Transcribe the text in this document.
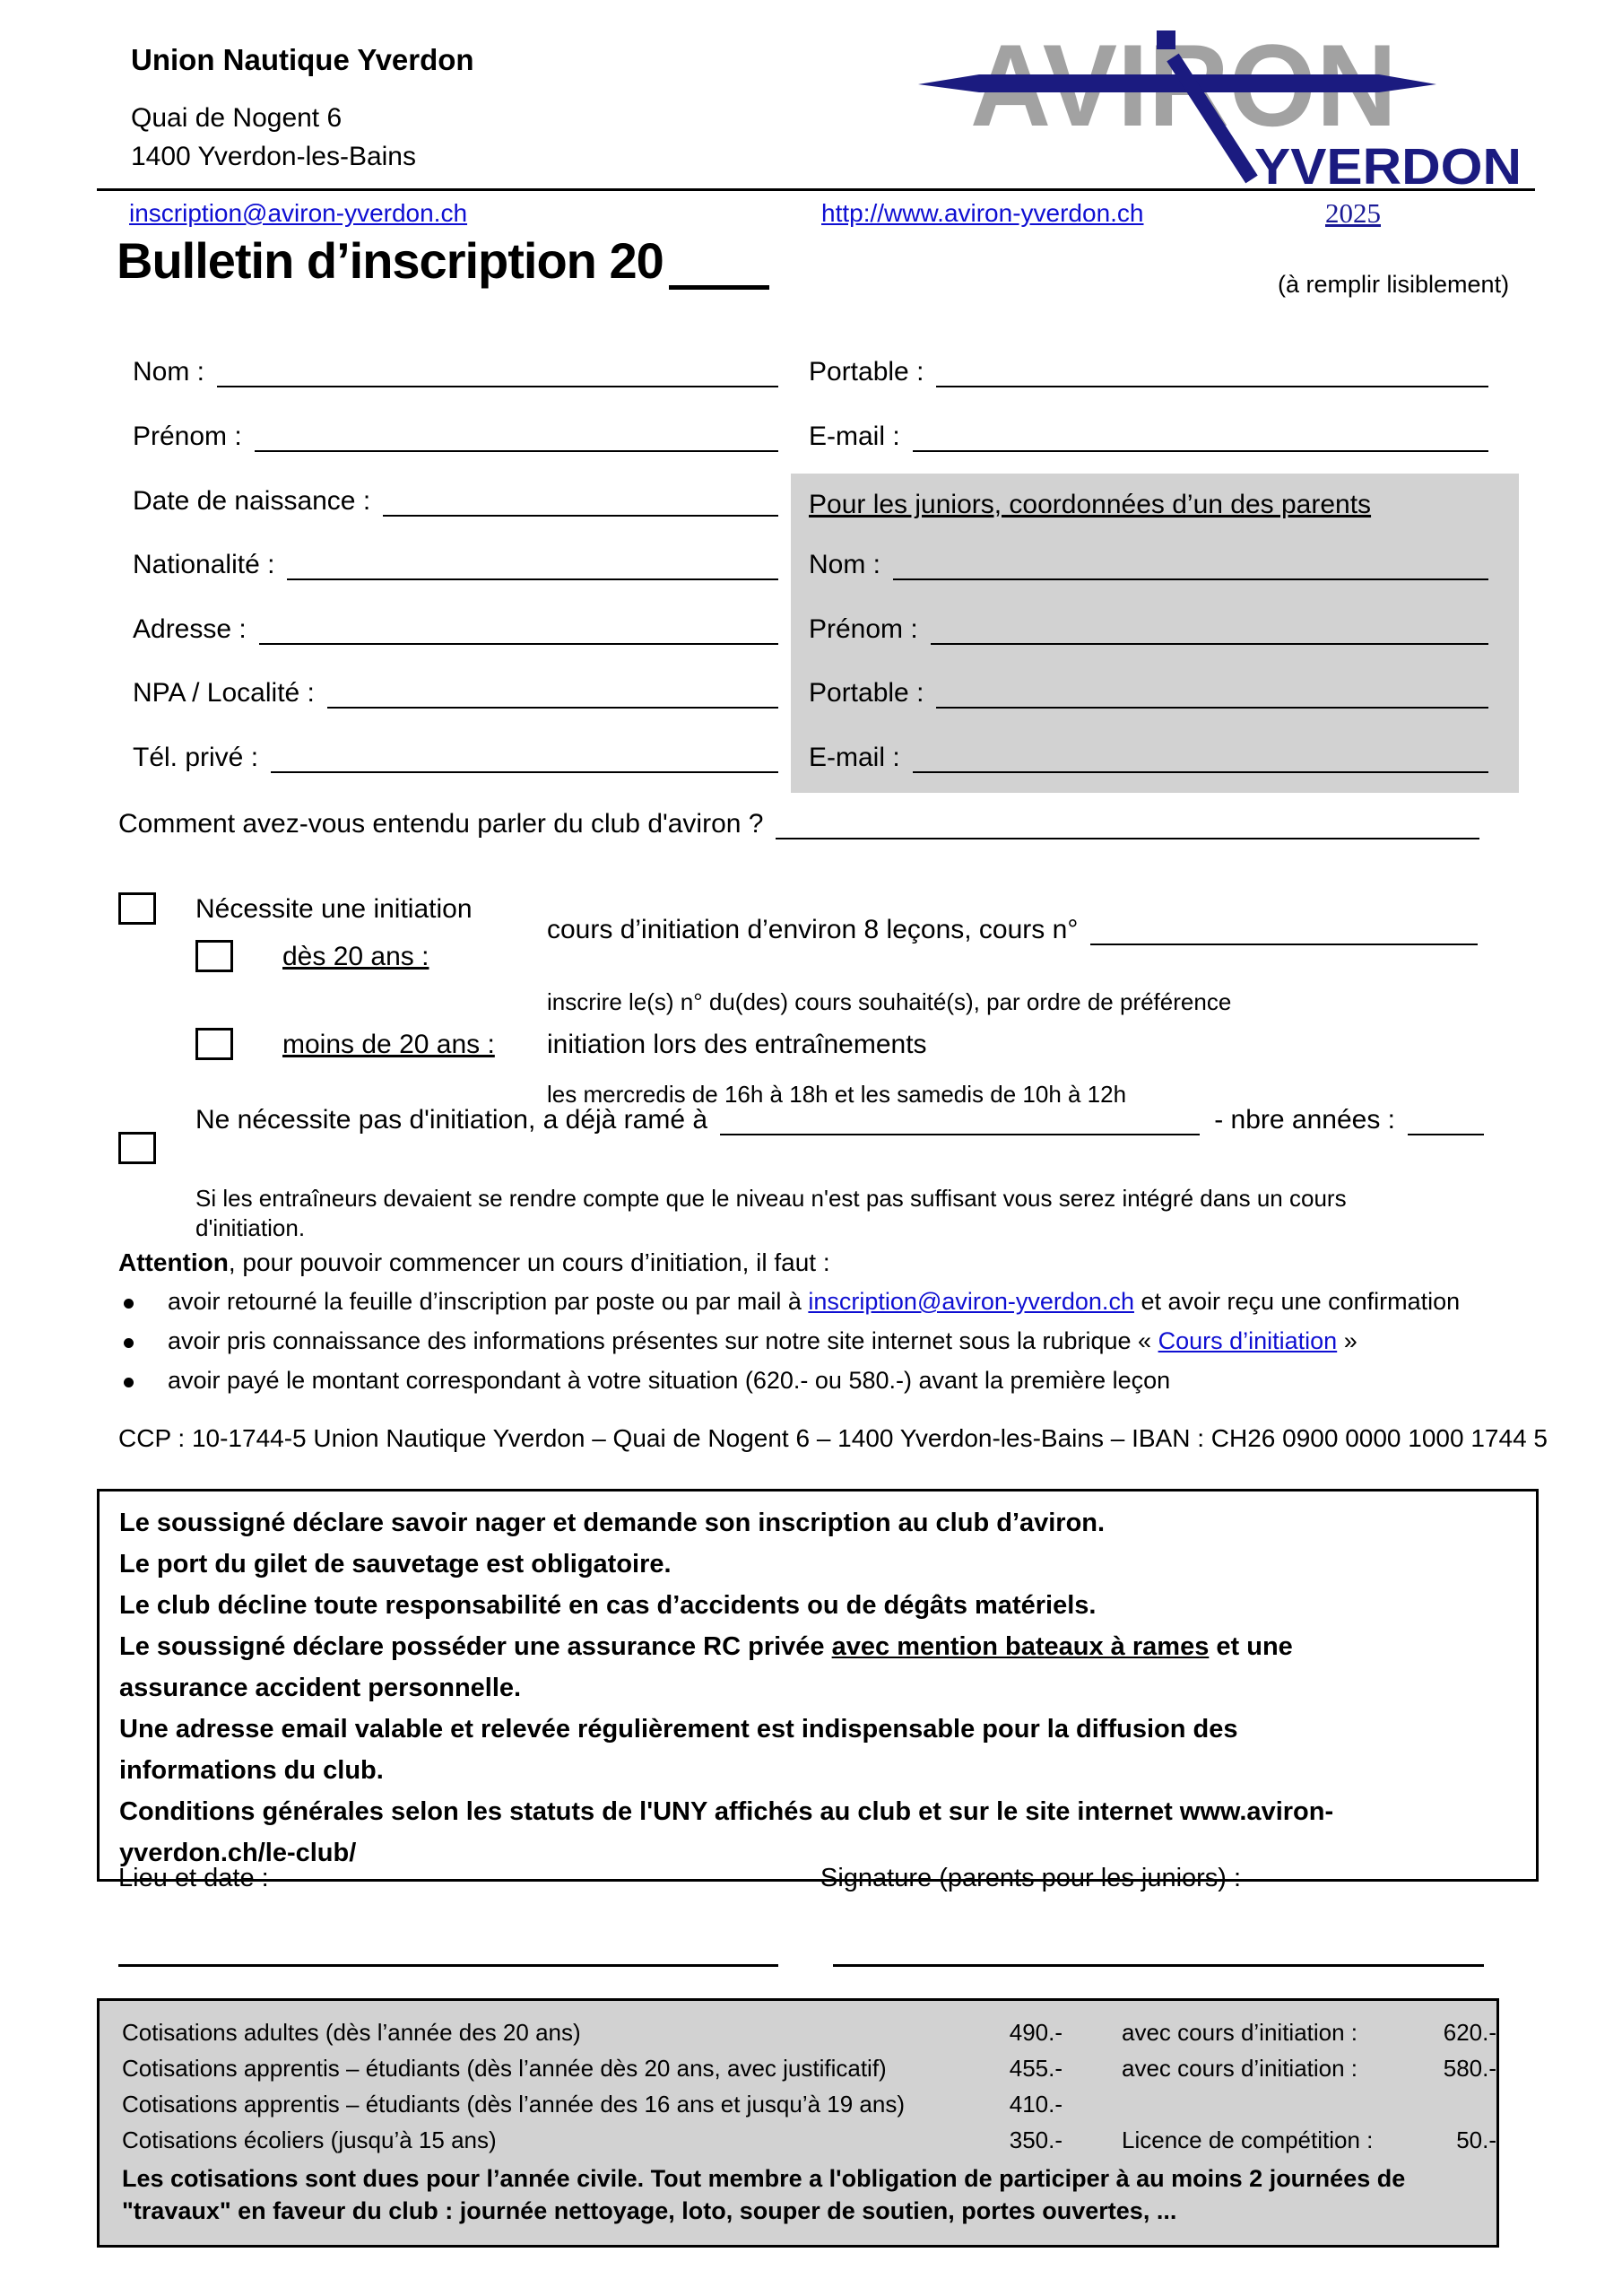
Union Nautique Yverdon
Quai de Nogent 6
1400 Yverdon-les-Bains	YVERDON
inscription@aviron-yverdon.ch	http://www.aviron-yverdon.ch	2025
Bulletin d’inscription 20	(à remplir lisiblement)
Nom :
Prénom :
Date de naissance :
Nationalité :
Adresse :
NPA / Localité :
Tél. privé :
Portable :
E-mail :
Pour les juniors, coordonnées d’un des parents
Nom :
Prénom :
Portable :
E-mail :
Comment avez-vous entendu parler du club d'aviron ?
Nécessite une initiation
dès 20 ans :
cours d’initiation d’environ 8 leçons, cours n°
inscrire le(s) n° du(des) cours souhaité(s), par ordre de préférence
moins de 20 ans : initiation lors des entraînements
les mercredis de 16h à 18h et les samedis de 10h à 12h
Ne nécessite pas d'initiation, a déjà ramé à	- nbre années :
Si les entraîneurs devaient se rendre compte que le niveau n'est pas suffisant vous serez intégré dans un cours
d'initiation.
Attention, pour pouvoir commencer un cours d’initiation, il faut :
avoir retourné la feuille d’inscription par poste ou par mail à inscription@aviron-yverdon.ch et avoir reçu une confirmation
avoir pris connaissance des informations présentes sur notre site internet sous la rubrique « Cours d’initiation »
avoir payé le montant correspondant à votre situation (620.- ou 580.-) avant la première leçon
CCP : 10-1744-5 Union Nautique Yverdon – Quai de Nogent 6 – 1400 Yverdon-les-Bains – IBAN : CH26 0900 0000 1000 1744 5
Le soussigné déclare savoir nager et demande son inscription au club d’aviron.
Le port du gilet de sauvetage est obligatoire.
Le club décline toute responsabilité en cas d’accidents ou de dégâts matériels.
Le soussigné déclare posséder une assurance RC privée avec mention bateaux à rames et une
assurance accident personnelle.
Une adresse email valable et relevée régulièrement est indispensable pour la diffusion des
informations du club.
Conditions générales selon les statuts de l'UNY affichés au club et sur le site internet www.aviron-
yverdon.ch/le-club/
Lieu et date :	Signature (parents pour les juniors) :
Cotisations adultes (dès l’année des 20 ans)	490.-	avec cours d’initiation :	620.-
Cotisations apprentis – étudiants (dès l’année dès 20 ans, avec justificatif)	455.-	avec cours d’initiation :	580.-
Cotisations apprentis – étudiants (dès l’année des 16 ans et jusqu’à 19 ans)	410.-
Cotisations écoliers (jusqu’à 15 ans)	350.-	Licence de compétition :	50.-
Les cotisations sont dues pour l’année civile. Tout membre a l'obligation de participer à au moins 2 journées de
"travaux" en faveur du club : journée nettoyage, loto, souper de soutien, portes ouvertes, ...
